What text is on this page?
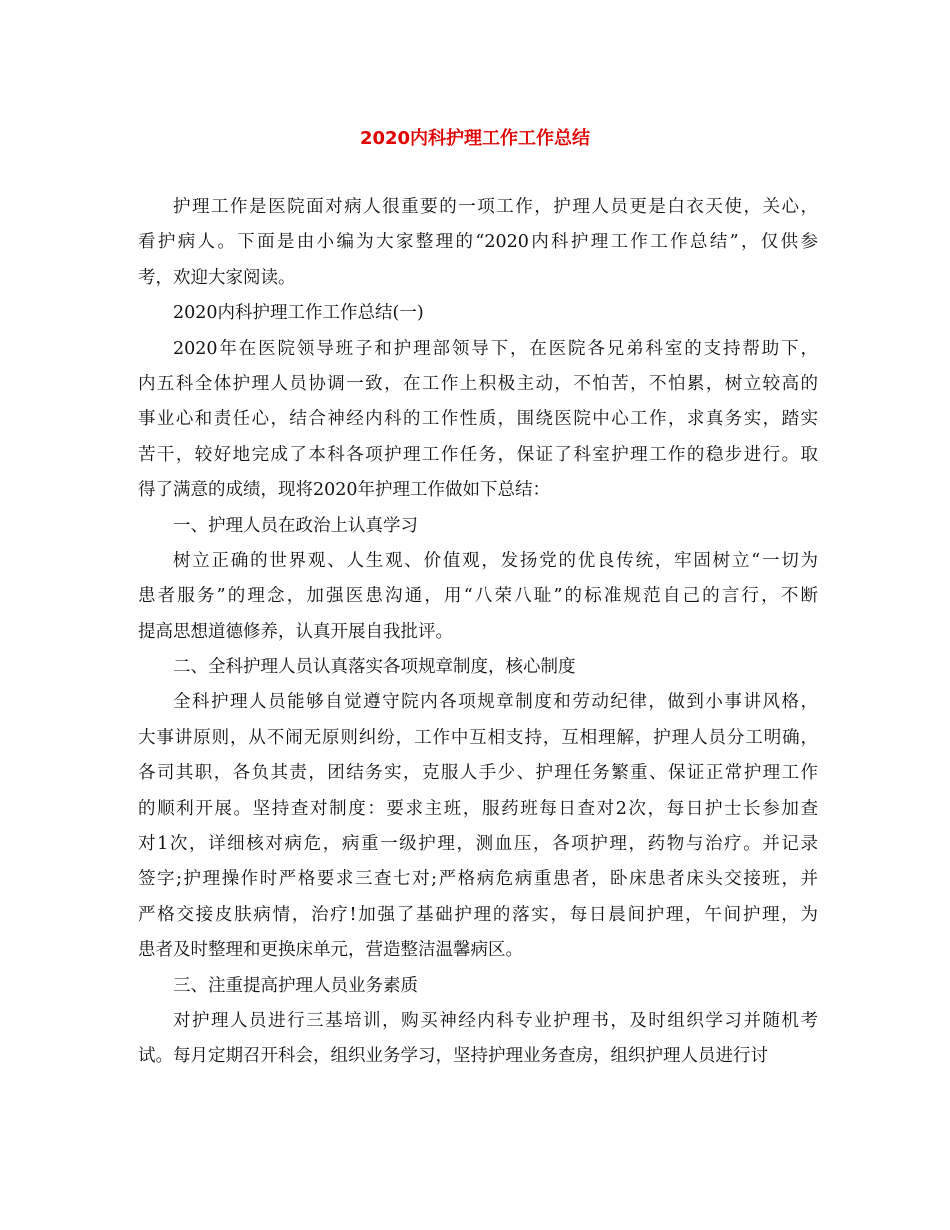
2020内科护理工作工作总结
护理工作是医院面对病人很重要的一项工作，护理人员更是白衣天使，关心，
看护病人。下面是由小编为大家整理的“2020内科护理工作工作总结”，仅供参
考，欢迎大家阅读。
2020内科护理工作工作总结(一)
2020年在医院领导班子和护理部领导下，在医院各兄弟科室的支持帮助下，
内五科全体护理人员协调一致，在工作上积极主动，不怕苦，不怕累，树立较高的
事业心和责任心，结合神经内科的工作性质，围绕医院中心工作，求真务实，踏实
苦干，较好地完成了本科各项护理工作任务，保证了科室护理工作的稳步进行。取
得了满意的成绩，现将2020年护理工作做如下总结：
一、护理人员在政治上认真学习
树立正确的世界观、人生观、价值观，发扬党的优良传统，牢固树立“一切为
患者服务”的理念，加强医患沟通，用“八荣八耻”的标准规范自己的言行，不断
提高思想道德修养，认真开展自我批评。
二、全科护理人员认真落实各项规章制度，核心制度
全科护理人员能够自觉遵守院内各项规章制度和劳动纪律，做到小事讲风格，
大事讲原则，从不闹无原则纠纷，工作中互相支持，互相理解，护理人员分工明确，
各司其职，各负其责，团结务实，克服人手少、护理任务繁重、保证正常护理工作
的顺利开展。坚持查对制度：要求主班，服药班每日查对2次，每日护士长参加查
对1次，详细核对病危，病重一级护理，测血压，各项护理，药物与治疗。并记录
签字;护理操作时严格要求三查七对;严格病危病重患者，卧床患者床头交接班，并
严格交接皮肤病情，治疗!加强了基础护理的落实，每日晨间护理，午间护理，为
患者及时整理和更换床单元，营造整洁温馨病区。
三、注重提高护理人员业务素质
对护理人员进行三基培训，购买神经内科专业护理书，及时组织学习并随机考
试。每月定期召开科会，组织业务学习，坚持护理业务查房，组织护理人员进行讨
